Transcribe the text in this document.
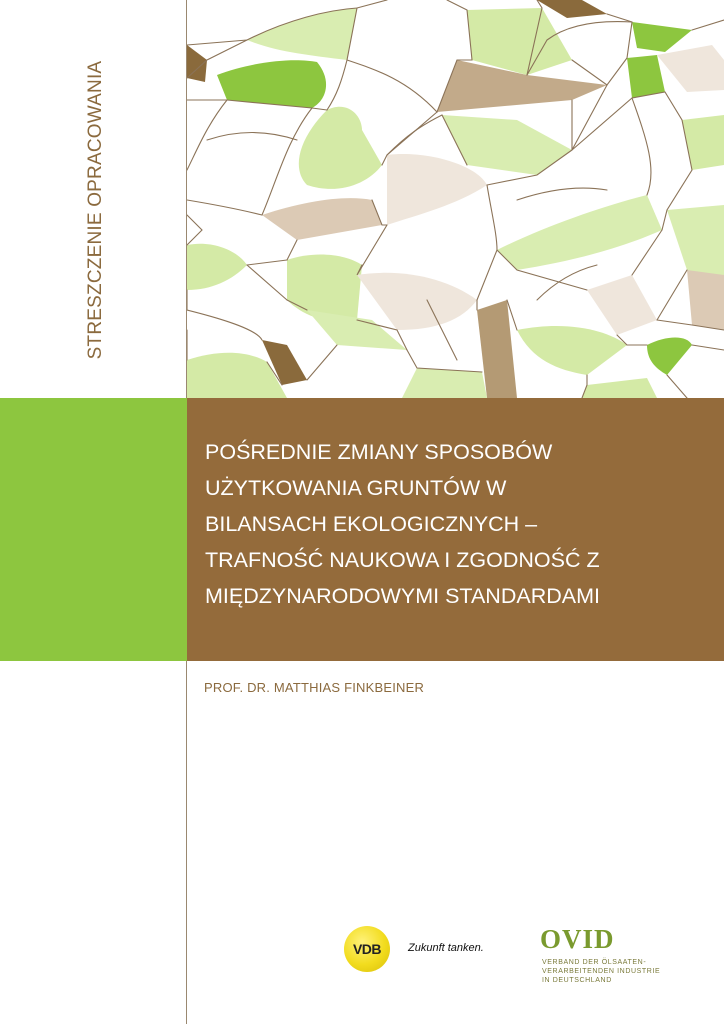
STRESZCZENIE OPRACOWANIA
POŚREDNIE ZMIANY SPOSOBÓW
UŻYTKOWANIA GRUNTÓW W
BILANSACH EKOLOGICZNYCH –
TRAFNOŚĆ NAUKOWA I ZGODNOŚĆ Z
MIĘDZYNARODOWYMI STANDARDAMI
PROF. DR. MATTHIAS FINKBEINER
VDB Zukunft tanken. OVID
VERBAND DER ÖLSAATEN-
VERARBEITENDEN INDUSTRIE
IN DEUTSCHLAND
